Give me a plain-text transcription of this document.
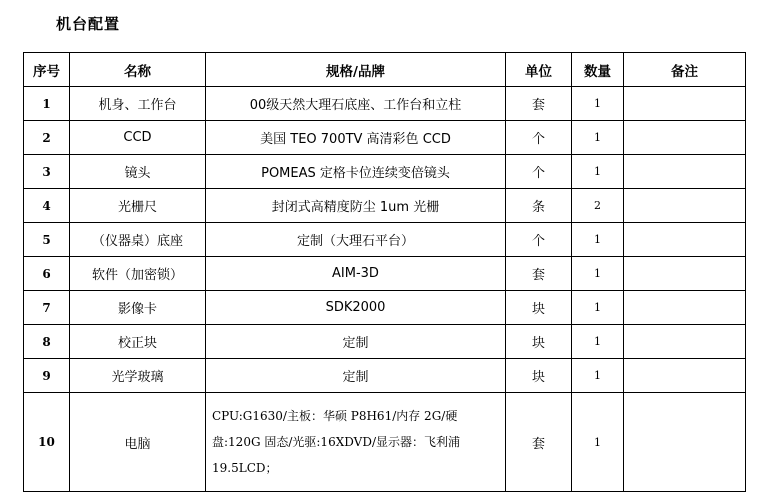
机台配置
序号	名称	规格/品牌	单位	数量	备注
1	机身、工作台	00级天然大理石底座、工作台和立柱	套	1	
2	CCD	美国 TEO 700TV 高清彩色 CCD	个	1	
3	镜头	POMEAS 定格卡位连续变倍镜头	个	1	
4	光栅尺	封闭式高精度防尘 1um 光栅	条	2	
5	（仪器桌）底座	定制（大理石平台）	个	1	
6	软件（加密锁）	AIM-3D	套	1	
7	影像卡	SDK2000	块	1	
8	校正块	定制	块	1	
9	光学玻璃	定制	块	1	
10	电脑	CPU:G1630/主板：华硕 P8H61/内存 2G/硬
盘:120G 固态/光驱:16XDVD/显示器：飞利浦
19.5LCD；	套	1	
